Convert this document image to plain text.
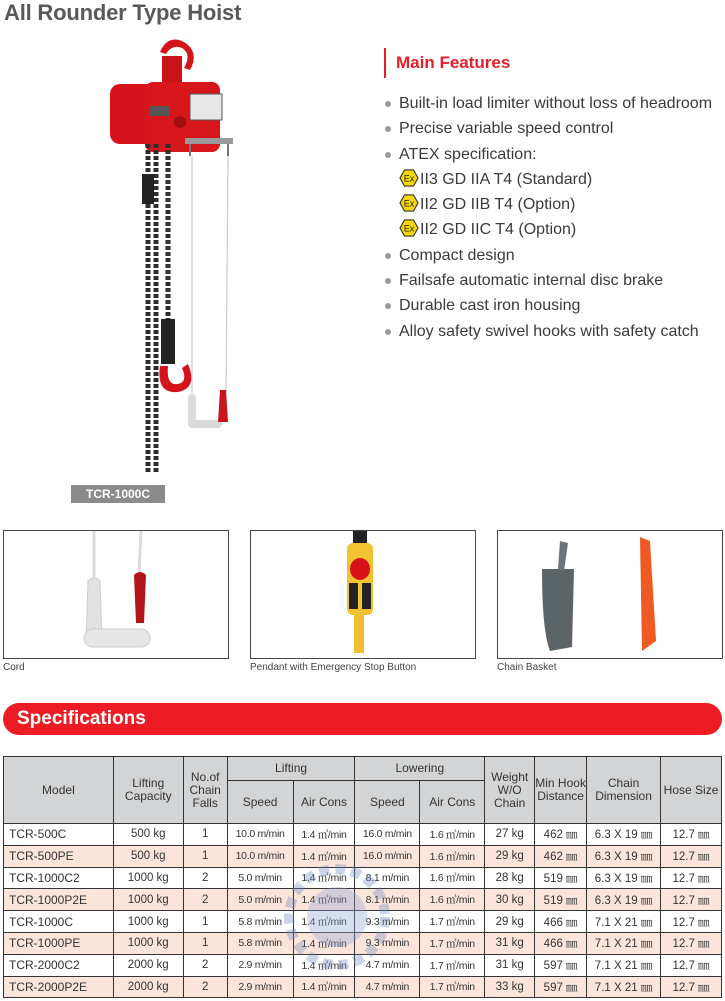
All Rounder Type Hoist
TCR-1000C
Main Features
Built-in load limiter without loss of headroom
Precise variable speed control
ATEX specification:
Ex II3 GD IIA T4 (Standard)
Ex II2 GD IIB T4 (Option)
Ex II2 GD IIC T4 (Option)
Compact design
Failsafe automatic internal disc brake
Durable cast iron housing
Alloy safety swivel hooks with safety catch
Cord	Pendant with Emergency Stop Button	Chain Basket
Specifications
Model	Lifting Capacity	No.of Chain Falls	Lifting		Lowering		Weight W/O Chain	Min Hook Distance	Chain Dimension	Hose Size
			Speed	Air Cons	Speed	Air Cons				
TCR-500C	500 kg	1	10.0 m/min	1.4 ㎥/min	16.0 m/min	1.6 ㎥/min	27 kg	462 ㎜	6.3 X 19 ㎜	12.7 ㎜
TCR-500PE	500 kg	1	10.0 m/min	1.4 ㎥/min	16.0 m/min	1.6 ㎥/min	29 kg	462 ㎜	6.3 X 19 ㎜	12.7 ㎜
TCR-1000C2	1000 kg	2	5.0 m/min	1.4 ㎥/min	8.1 m/min	1.6 ㎥/min	28 kg	519 ㎜	6.3 X 19 ㎜	12.7 ㎜
TCR-1000P2E	1000 kg	2	5.0 m/min	1.4 ㎥/min	8.1 m/min	1.6 ㎥/min	30 kg	519 ㎜	6.3 X 19 ㎜	12.7 ㎜
TCR-1000C	1000 kg	1	5.8 m/min	1.4 ㎥/min	9.3 m/min	1.7 ㎥/min	29 kg	466 ㎜	7.1 X 21 ㎜	12.7 ㎜
TCR-1000PE	1000 kg	1	5.8 m/min	1.4 ㎥/min	9.3 m/min	1.7 ㎥/min	31 kg	466 ㎜	7.1 X 21 ㎜	12.7 ㎜
TCR-2000C2	2000 kg	2	2.9 m/min	1.4 ㎥/min	4.7 m/min	1.7 ㎥/min	31 kg	597 ㎜	7.1 X 21 ㎜	12.7 ㎜
TCR-2000P2E	2000 kg	2	2.9 m/min	1.4 ㎥/min	4.7 m/min	1.7 ㎥/min	33 kg	597 ㎜	7.1 X 21 ㎜	12.7 ㎜
